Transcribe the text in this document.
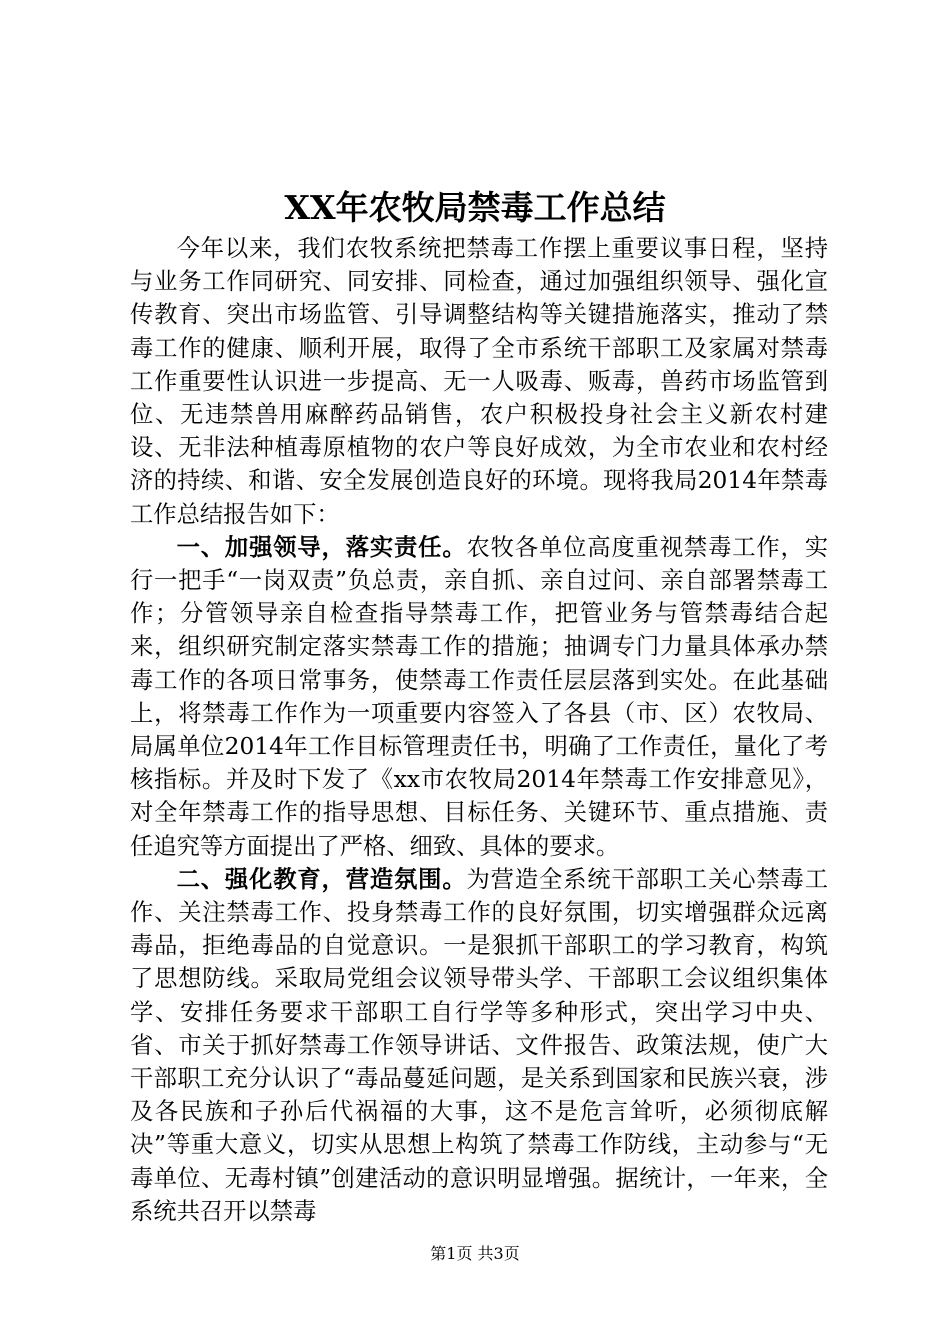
XX年农牧局禁毒工作总结

今年以来，我们农牧系统把禁毒工作摆上重要议事日程，坚持与业务工作同研究、同安排、同检查，通过加强组织领导、强化宣传教育、突出市场监管、引导调整结构等关键措施落实，推动了禁毒工作的健康、顺利开展，取得了全市系统干部职工及家属对禁毒工作重要性认识进一步提高、无一人吸毒、贩毒，兽药市场监管到位、无违禁兽用麻醉药品销售，农户积极投身社会主义新农村建设、无非法种植毒原植物的农户等良好成效，为全市农业和农村经济的持续、和谐、安全发展创造良好的环境。现将我局2014年禁毒工作总结报告如下：

一、加强领导，落实责任。农牧各单位高度重视禁毒工作，实行一把手“一岗双责”负总责，亲自抓、亲自过问、亲自部署禁毒工作；分管领导亲自检查指导禁毒工作，把管业务与管禁毒结合起来，组织研究制定落实禁毒工作的措施；抽调专门力量具体承办禁毒工作的各项日常事务，使禁毒工作责任层层落到实处。在此基础上，将禁毒工作作为一项重要内容签入了各县（市、区）农牧局、局属单位2014年工作目标管理责任书，明确了工作责任，量化了考核指标。并及时下发了《xx市农牧局2014年禁毒工作安排意见》，对全年禁毒工作的指导思想、目标任务、关键环节、重点措施、责任追究等方面提出了严格、细致、具体的要求。

二、强化教育，营造氛围。为营造全系统干部职工关心禁毒工作、关注禁毒工作、投身禁毒工作的良好氛围，切实增强群众远离毒品，拒绝毒品的自觉意识。一是狠抓干部职工的学习教育，构筑了思想防线。采取局党组会议领导带头学、干部职工会议组织集体学、安排任务要求干部职工自行学等多种形式，突出学习中央、省、市关于抓好禁毒工作领导讲话、文件报告、政策法规，使广大干部职工充分认识了“毒品蔓延问题，是关系到国家和民族兴衰，涉及各民族和子孙后代祸福的大事，这不是危言耸听，必须彻底解决”等重大意义，切实从思想上构筑了禁毒工作防线，主动参与“无毒单位、无毒村镇”创建活动的意识明显增强。据统计，一年来，全系统共召开以禁毒

第1页 共3页
